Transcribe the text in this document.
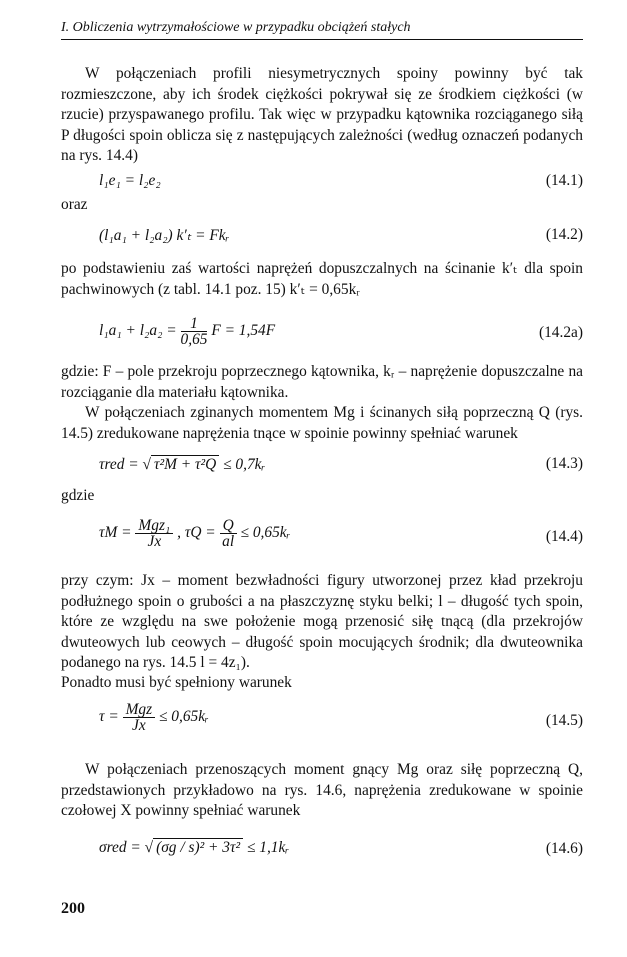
I. Obliczenia wytrzymałościowe w przypadku obciążeń stałych
W połączeniach profili niesymetrycznych spoiny powinny być tak rozmieszczone, aby ich środek ciężkości pokrywał się ze środkiem ciężkości (w rzucie) przyspawanego profilu. Tak więc w przypadku kątownika rozciąganego siłą P długości spoin oblicza się z następujących zależności (według oznaczeń podanych na rys. 14.4)
l₁e₁ = l₂e₂	(14.1)
oraz
(l₁a₁ + l₂a₂) k′ₜ = Fkᵣ	(14.2)
po podstawieniu zaś wartości naprężeń dopuszczalnych na ścinanie k′ₜ dla spoin pachwinowych (z tabl. 14.1 poz. 15) k′ₜ = 0,65kᵣ
$l_1a_1 + l_2a_2 = \frac{1}{0,65}$ F = 1,54F	(14.2a)
gdzie: F – pole przekroju poprzecznego kątownika, kᵣ – naprężenie dopuszczalne na rozciąganie dla materiału kątownika.
W połączeniach zginanych momentem Mg i ścinanych siłą poprzeczną Q (rys. 14.5) zredukowane naprężenia tnące w spoinie powinny spełniać warunek
τred = √ τ²M + τ²Q ≤ 0,7kᵣ	(14.3)
gdzie
$\tau M = \frac{\text{Mgz₁}}{Jx}$ , $\tau Q = \frac{Q}{al}$ ≤ 0,65kᵣ	(14.4)
przy czym: Jx – moment bezwładności figury utworzonej przez kład przekroju podłużnego spoin o grubości a na płaszczyznę styku belki; l – długość tych spoin, które ze względu na swe położenie mogą przenosić siłę tnącą (dla przekrojów dwuteowych lub ceowych – długość spoin mocujących środnik; dla dwuteownika podanego na rys. 14.5 l = 4z₁).
Ponadto musi być spełniony warunek
$\tau = \frac{\text{Mgz}}{Jx}$ ≤ 0,65kᵣ	(14.5)
W połączeniach przenoszących moment gnący Mg oraz siłę poprzeczną Q, przedstawionych przykładowo na rys. 14.6, naprężenia zredukowane w spoinie czołowej X powinny spełniać warunek
σred = √ (σg / s)² + 3τ² ≤ 1,1kᵣ	(14.6)
200
